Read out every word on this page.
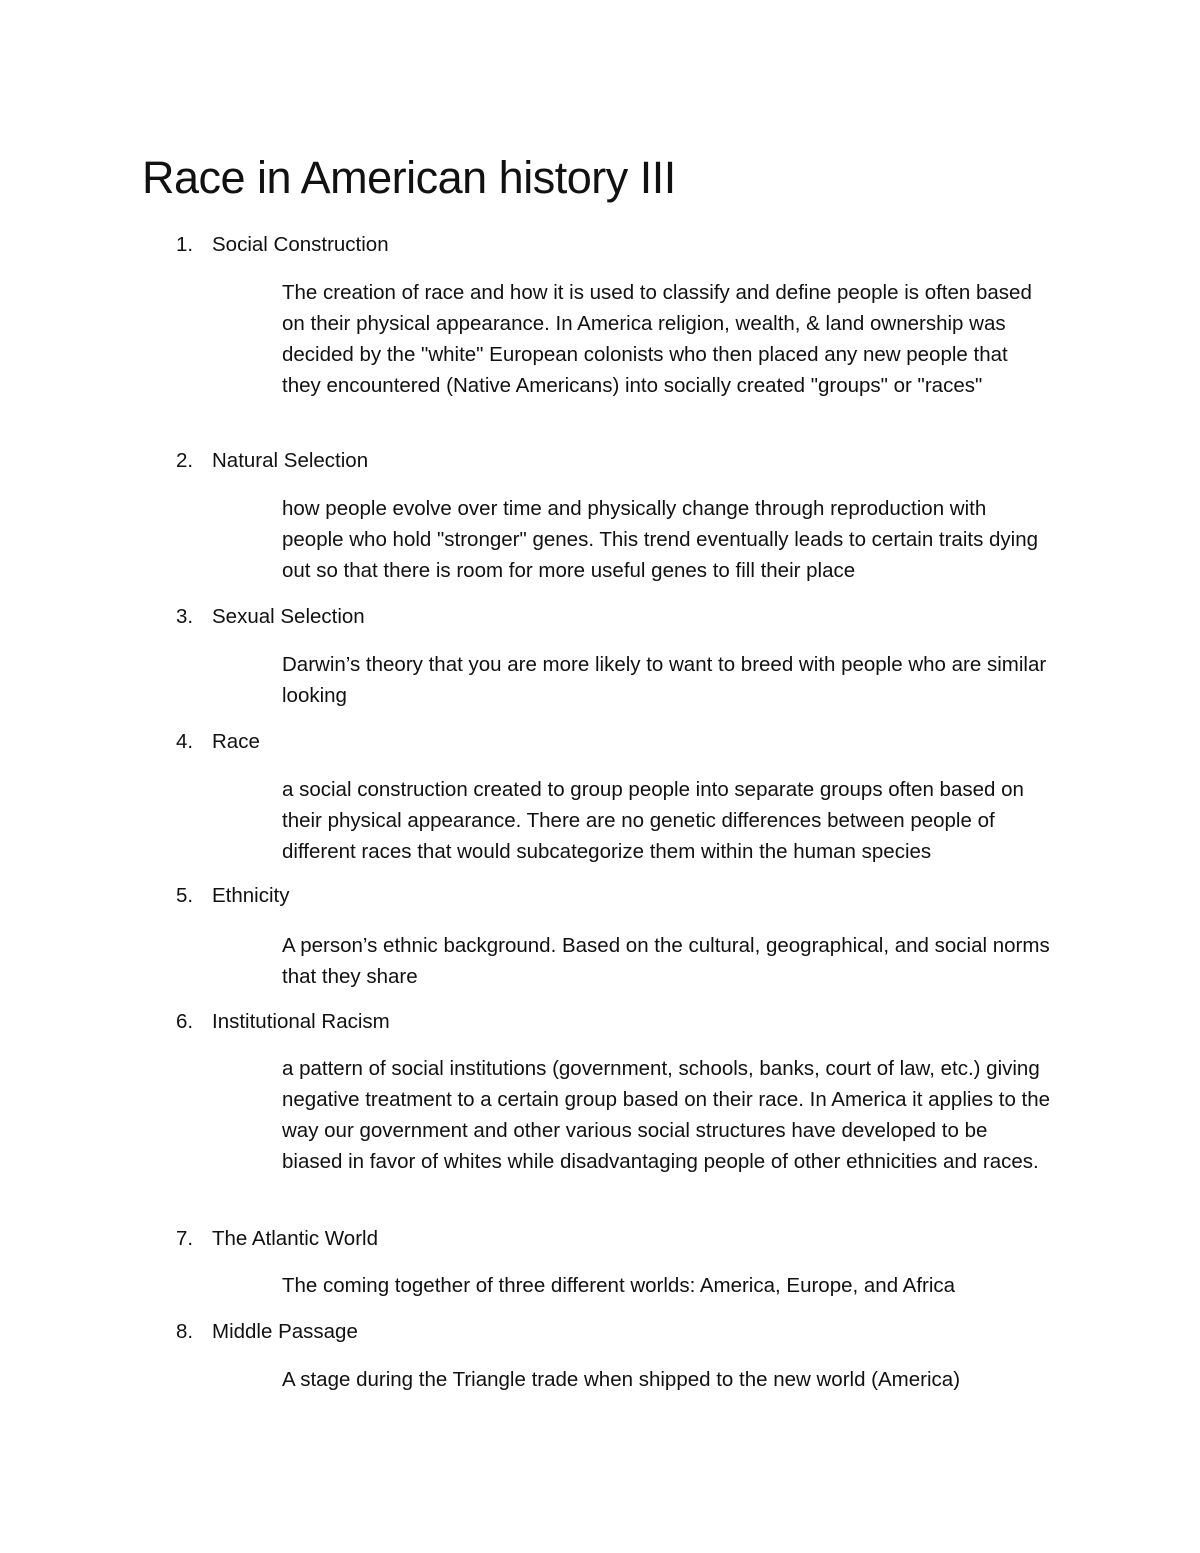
Race in American history III
1. Social Construction

The creation of race and how it is used to classify and define people is often based on their physical appearance. In America religion, wealth, & land ownership was decided by the "white" European colonists who then placed any new people that they encountered (Native Americans) into socially created "groups" or "races"

2. Natural Selection

how people evolve over time and physically change through reproduction with people who hold "stronger" genes. This trend eventually leads to certain traits dying out so that there is room for more useful genes to fill their place

3. Sexual Selection

Darwin’s theory that you are more likely to want to breed with people who are similar looking

4. Race

a social construction created to group people into separate groups often based on their physical appearance. There are no genetic differences between people of different races that would subcategorize them within the human species

5. Ethnicity

A person’s ethnic background. Based on the cultural, geographical, and social norms that they share

6. Institutional Racism

a pattern of social institutions (government, schools, banks, court of law, etc.) giving negative treatment to a certain group based on their race. In America it applies to the way our government and other various social structures have developed to be biased in favor of whites while disadvantaging people of other ethnicities and races.

7. The Atlantic World

The coming together of three different worlds: America, Europe, and Africa

8. Middle Passage

A stage during the Triangle trade when shipped to the new world (America)
